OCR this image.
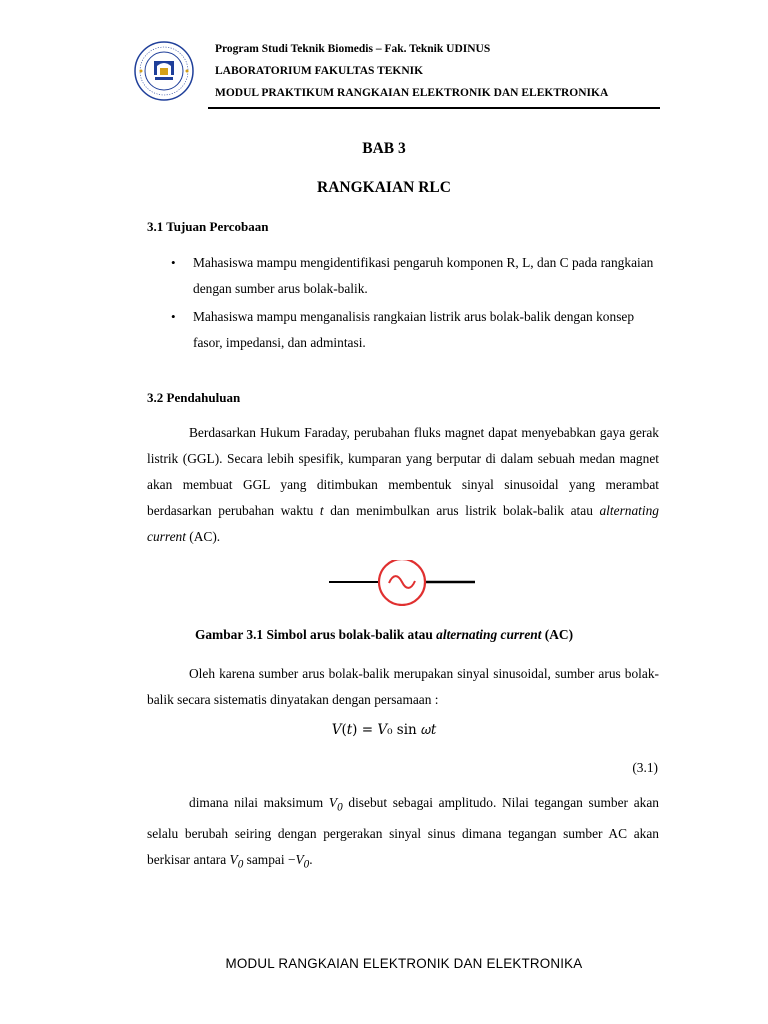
Program Studi Teknik Biomedis – Fak. Teknik UDINUS
LABORATORIUM FAKULTAS TEKNIK
MODUL PRAKTIKUM RANGKAIAN ELEKTRONIK DAN ELEKTRONIKA
BAB 3
RANGKAIAN RLC
3.1 Tujuan Percobaan
• Mahasiswa mampu mengidentifikasi pengaruh komponen R, L, dan C pada rangkaian dengan sumber arus bolak-balik.
• Mahasiswa mampu menganalisis rangkaian listrik arus bolak-balik dengan konsep fasor, impedansi, dan admintasi.
3.2 Pendahuluan
Berdasarkan Hukum Faraday, perubahan fluks magnet dapat menyebabkan gaya gerak listrik (GGL). Secara lebih spesifik, kumparan yang berputar di dalam sebuah medan magnet akan membuat GGL yang ditimbukan membentuk sinyal sinusoidal yang merambat berdasarkan perubahan waktu t dan menimbulkan arus listrik bolak-balik atau alternating current (AC).
Gambar 3.1 Simbol arus bolak-balik atau alternating current (AC)
Oleh karena sumber arus bolak-balik merupakan sinyal sinusoidal, sumber arus bolak-balik secara sistematis dinyatakan dengan persamaan :
𝑉(𝑡) = 𝑉₀ sin 𝜔𝑡
(3.1)
dimana nilai maksimum $V_0$ disebut sebagai amplitudo. Nilai tegangan sumber akan selalu berubah seiring dengan pergerakan sinyal sinus dimana tegangan sumber AC akan berkisar antara $V_0$ sampai $-V_0$.
MODUL RANGKAIAN ELEKTRONIK DAN ELEKTRONIKA
